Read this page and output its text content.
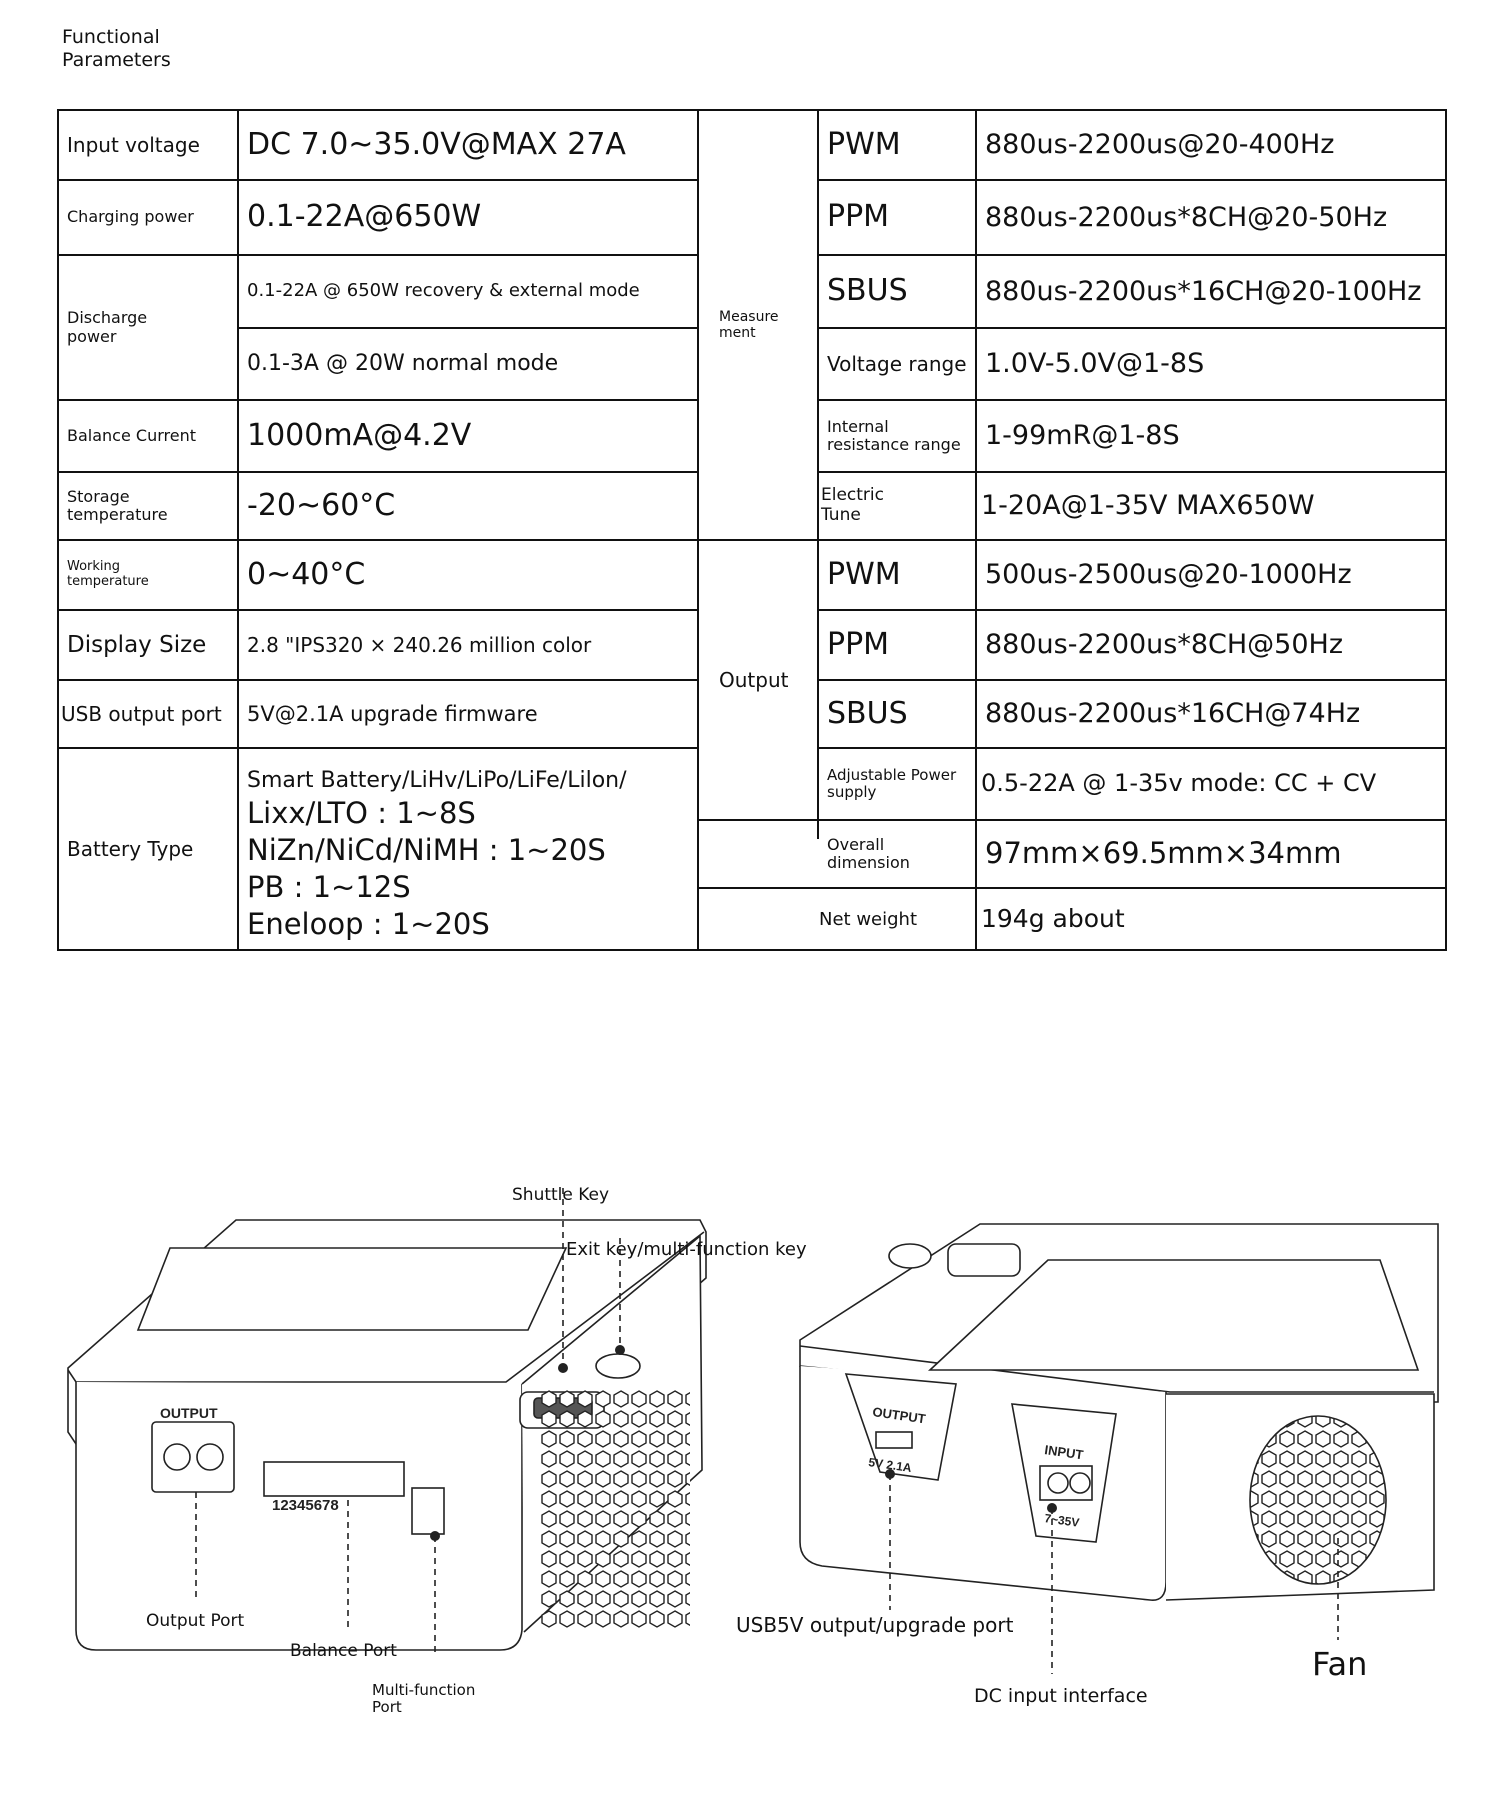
Functional
Parameters
Input voltage
Charging power
Discharge
power
Balance Current
Storage
temperature
Working
temperature
Display Size
USB output port
Battery Type
DC 7.0~35.0V@MAX 27A
0.1-22A@650W
0.1-22A @ 650W recovery & external mode
0.1-3A @ 20W normal mode
1000mA@4.2V
-20~60°C
0~40°C
2.8 "IPS320 × 240.26 million color
5V@2.1A upgrade firmware
Smart Battery/LiHv/LiPo/LiFe/Lilon/
Lixx/LTO : 1~8S
NiZn/NiCd/NiMH : 1~20S
PB : 1~12S
Eneloop : 1~20S
Measure
ment
Output
PWM
PPM
SBUS
Voltage range
Internal
resistance range
Electric
Tune
PWM
PPM
SBUS
Adjustable Power
supply
Overall
dimension
Net weight
880us-2200us@20-400Hz
880us-2200us*8CH@20-50Hz
880us-2200us*16CH@20-100Hz
1.0V-5.0V@1-8S
1-99mR@1-8S
1-20A@1-35V MAX650W
500us-2500us@20-1000Hz
880us-2200us*8CH@50Hz
880us-2200us*16CH@74Hz
0.5-22A @ 1-35v mode: CC + CV
97mm×69.5mm×34mm
194g about
OUTPUT
12345678
OUTPUT
5V 2.1A
INPUT
7~35V
Shuttle Key
Exit key/multi-function key
Output Port
Balance Port
Multi-function
Port
USB5V output/upgrade port
DC input interface
Fan
